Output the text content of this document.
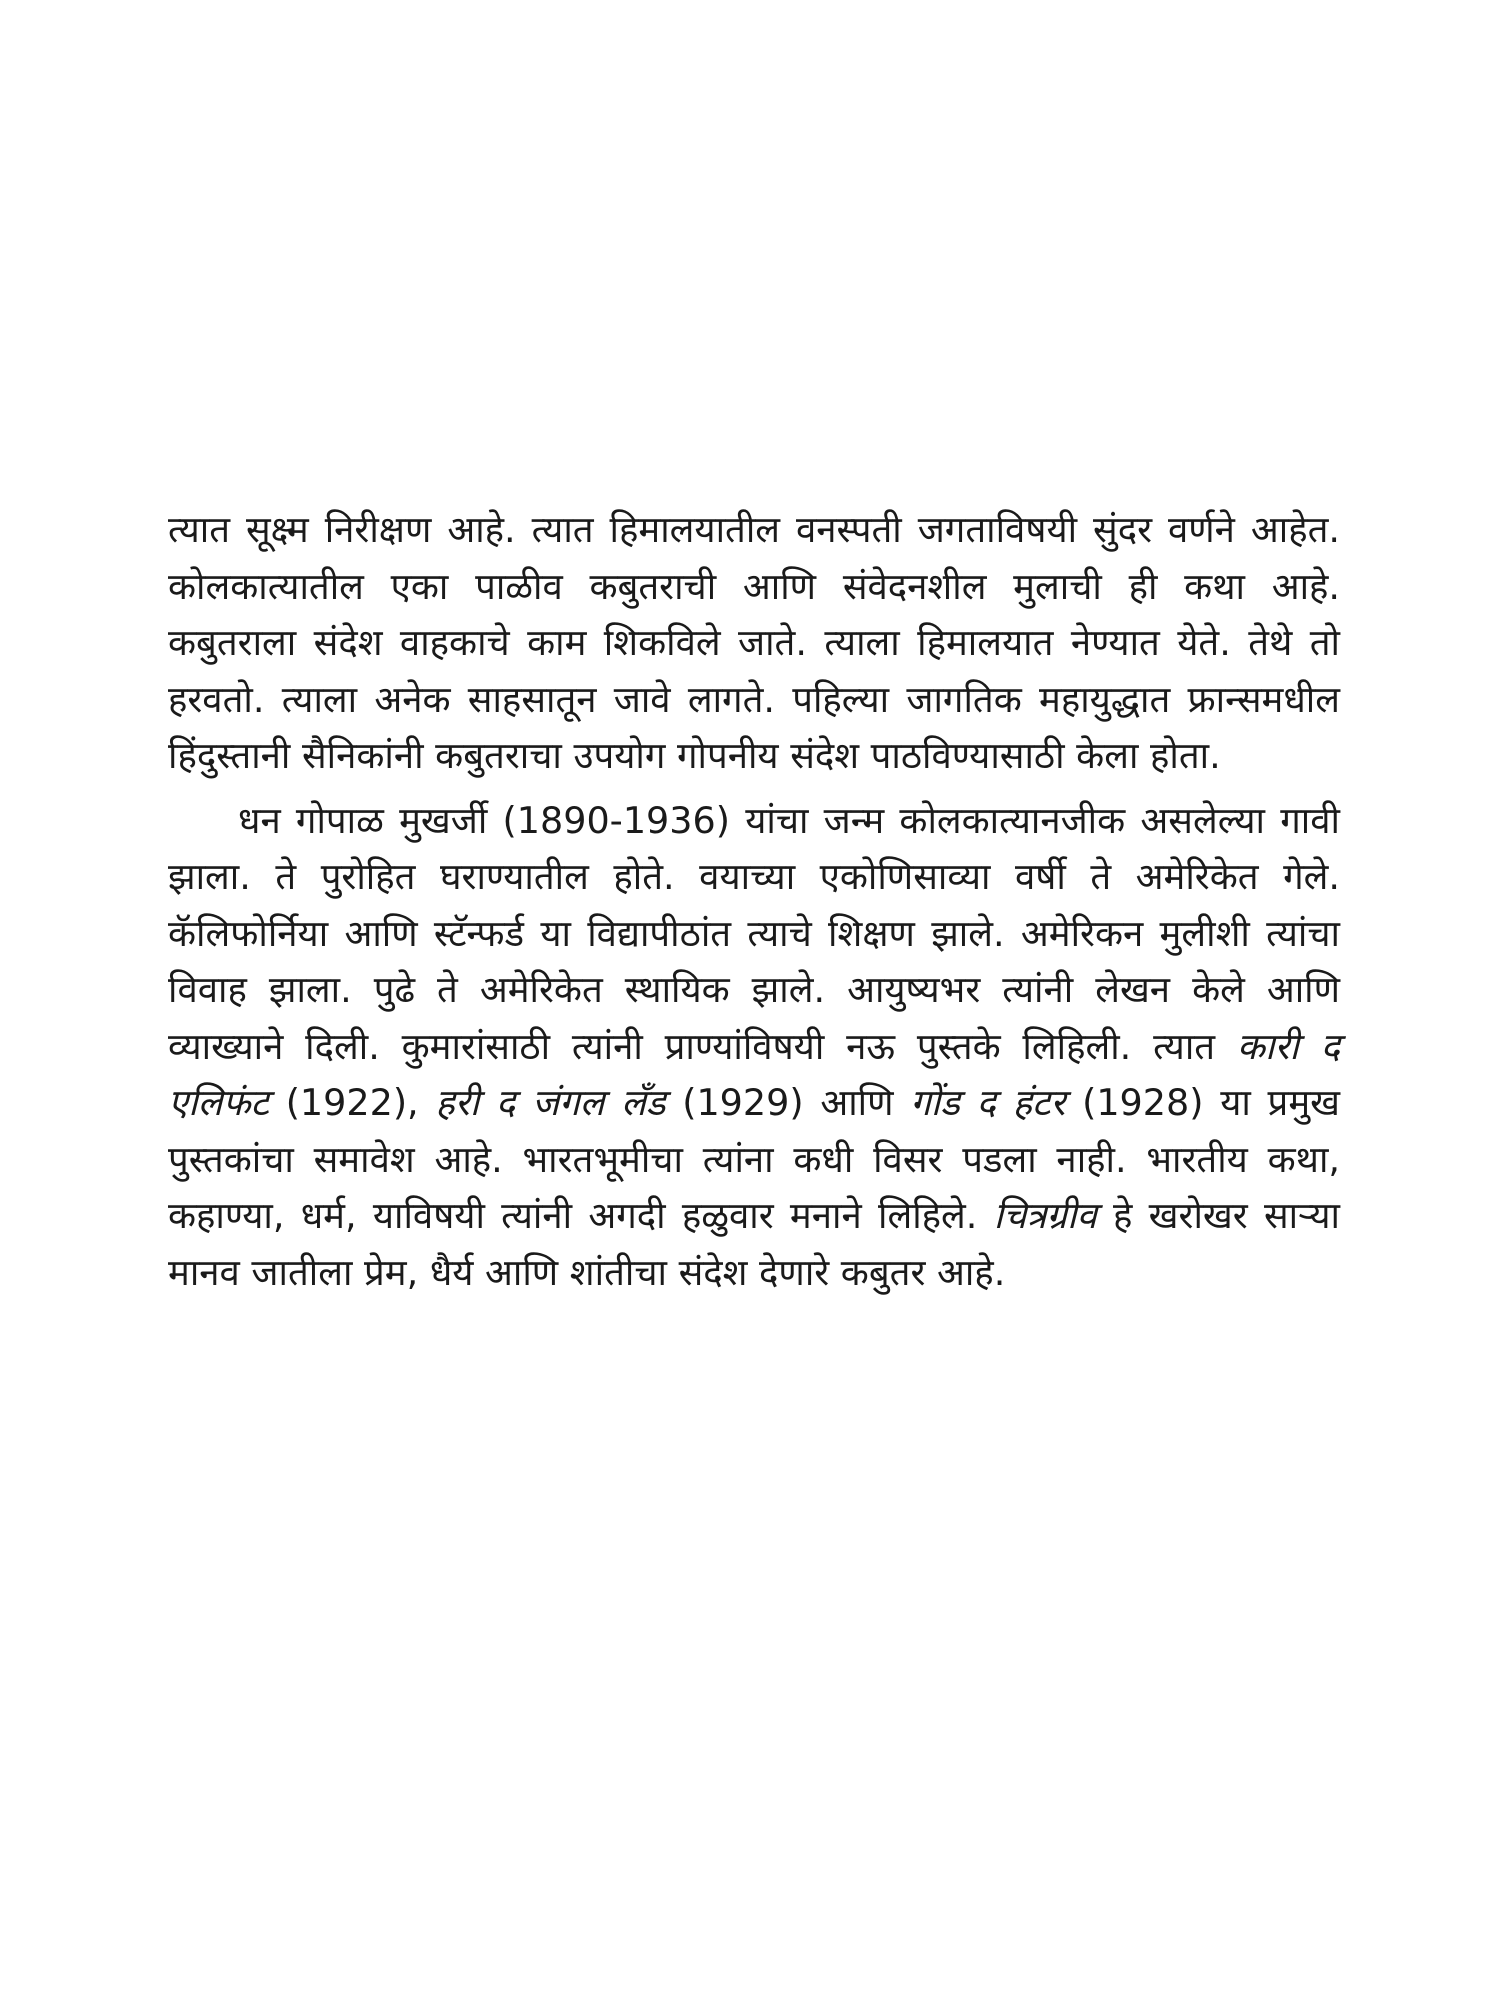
त्यात सूक्ष्म निरीक्षण आहे. त्यात हिमालयातील वनस्पती जगताविषयी सुंदर वर्णने आहेत. कोलकात्यातील एका पाळीव कबुतराची आणि संवेदनशील मुलाची ही कथा आहे. कबुतराला संदेश वाहकाचे काम शिकविले जाते. त्याला हिमालयात नेण्यात येते. तेथे तो हरवतो. त्याला अनेक साहसातून जावे लागते. पहिल्या जागतिक महायुद्धात फ्रान्समधील हिंदुस्तानी सैनिकांनी कबुतराचा उपयोग गोपनीय संदेश पाठविण्यासाठी केला होता.

धन गोपाळ मुखर्जी (1890-1936) यांचा जन्म कोलकात्यानजीक असलेल्या गावी झाला. ते पुरोहित घराण्यातील होते. वयाच्या एकोणिसाव्या वर्षी ते अमेरिकेत गेले. कॅलिफोर्निया आणि स्टॅन्फर्ड या विद्यापीठांत त्याचे शिक्षण झाले. अमेरिकन मुलीशी त्यांचा विवाह झाला. पुढे ते अमेरिकेत स्थायिक झाले. आयुष्यभर त्यांनी लेखन केले आणि व्याख्याने दिली. कुमारांसाठी त्यांनी प्राण्यांविषयी नऊ पुस्तके लिहिली. त्यात कारी द एलिफंट (1922), हरी द जंगल लॅंड (1929) आणि गोंड द हंटर (1928) या प्रमुख पुस्तकांचा समावेश आहे. भारतभूमीचा त्यांना कधी विसर पडला नाही. भारतीय कथा, कहाण्या, धर्म, याविषयी त्यांनी अगदी हळुवार मनाने लिहिले. चित्रग्रीव हे खरोखर साऱ्या मानव जातीला प्रेम, धैर्य आणि शांतीचा संदेश देणारे कबुतर आहे.
